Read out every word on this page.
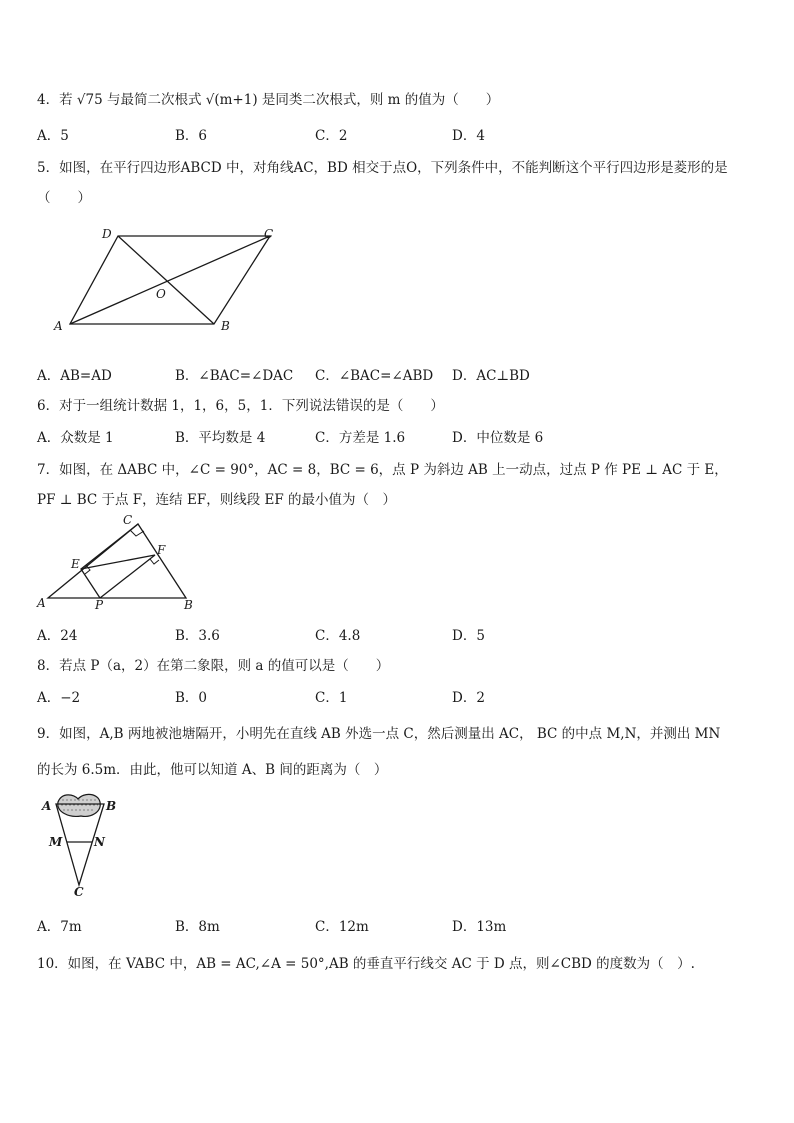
4．若 √75 与最简二次根式 √(m+1) 是同类二次根式，则 m 的值为（　　）
A．5	B．6	C．2	D．4
5．如图，在平行四边形ABCD 中，对角线AC，BD 相交于点O，下列条件中，不能判断这个平行四边形是菱形的是
（　　）
A	B
C
D
O
A．AB=AD	B．∠BAC=∠DAC C．∠BAC=∠ABD D．AC⊥BD
6．对于一组统计数据 1，1，6，5，1．下列说法错误的是（　　）
A．众数是 1	B．平均数是 4	C．方差是 1.6	D．中位数是 6
7．如图，在 ΔABC 中，∠C = 90°，AC = 8，BC = 6，点 P 为斜边 AB 上一动点，过点 P 作 PE ⊥ AC 于 E，
PF ⊥ BC 于点 F，连结 EF，则线段 EF 的最小值为（　）
C
F
E
A	P	B
A．24	B．3.6	C．4.8	D．5
8．若点 P（a，2）在第二象限，则 a 的值可以是（　　）
A．−2	B．0	C．1	D．2
9．如图，A,B 两地被池塘隔开，小明先在直线 AB 外选一点 C，然后测量出 AC， BC 的中点 M,N，并测出 MN
的长为 6.5m．由此，他可以知道 A、B 间的距离为（　）
A	B
M	N
C
A．7m	B．8m	C．12m	D．13m
10．如图，在 VABC 中，AB = AC,∠A = 50°,AB 的垂直平行线交 AC 于 D 点，则∠CBD 的度数为（　）.
